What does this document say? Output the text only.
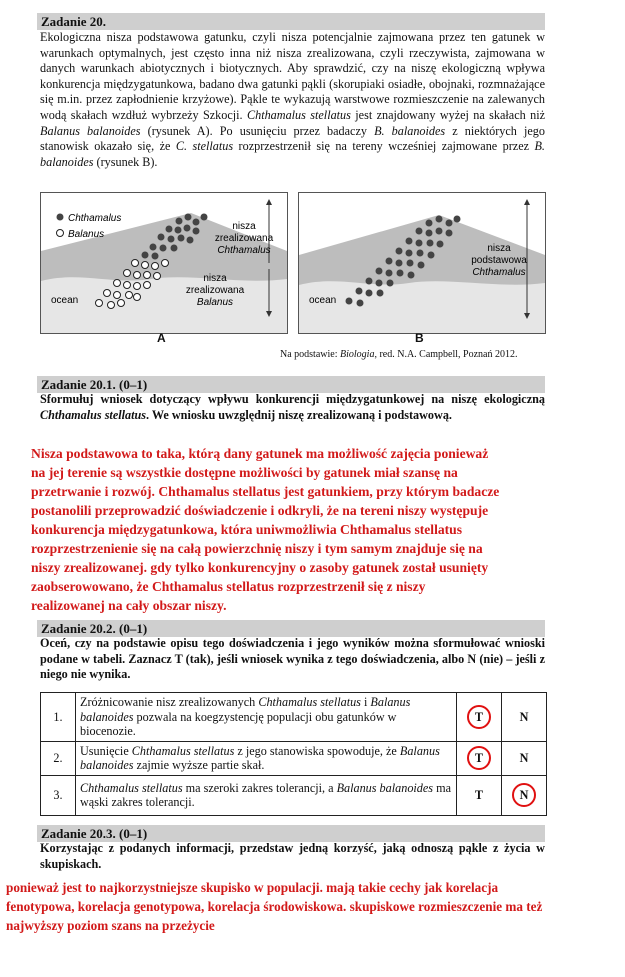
Zadanie 20.
Ekologiczna nisza podstawowa gatunku, czyli nisza potencjalnie zajmowana przez ten gatunek w warunkach optymalnych, jest często inna niż nisza zrealizowana, czyli rzeczywista, zajmowana w danych warunkach abiotycznych i biotycznych. Aby sprawdzić, czy na niszę ekologiczną wpływa konkurencja międzygatunkowa, badano dwa gatunki pąkli (skorupiaki osiadłe, obojnaki, rozmnażające się m.in. przez zapłodnienie krzyżowe). Pąkle te wykazują warstwowe rozmieszczenie na zalewanych wodą skałach wzdłuż wybrzeży Szkocji. Chthamalus stellatus jest znajdowany wyżej na skałach niż Balanus balanoides (rysunek A). Po usunięciu przez badaczy B. balanoides z niektórych jego stanowisk okazało się, że C. stellatus rozprzestrzenił się na tereny wcześniej zajmowane przez B. balanoides (rysunek B).
Chthamalus
Balanus
nisza
zrealizowana
Chthamalus
nisza
zrealizowana
Balanus
ocean
nisza
podstawowa
Chthamalus
ocean
A	B
Na podstawie: Biologia, red. N.A. Campbell, Poznań 2012.
Zadanie 20.1. (0–1)
Sformułuj wniosek dotyczący wpływu konkurencji międzygatunkowej na niszę ekologiczną Chthamalus stellatus. We wniosku uwzględnij niszę zrealizowaną i podstawową.
Nisza podstawowa to taka, którą dany gatunek ma możliwość zajęcia ponieważ
na jej terenie są wszystkie dostępne możliwości by gatunek miał szansę na
przetrwanie i rozwój. Chthamalus stellatus jest gatunkiem, przy którym badacze
postanolili przeprowadzić doświadczenie i odkryli, że na tereni niszy występuje
konkurencja międzygatunkowa, która uniwmożliwia Chthamalus stellatus
rozprzestrzenienie się na całą powierzchnię niszy i tym samym znajduje się na
niszy zrealizowanej. gdy tylko konkurencyjny o zasoby gatunek został usunięty
zaobserowowano, że Chthamalus stellatus rozprzestrzenił się z niszy
realizowanej na cały obszar niszy.
Zadanie 20.2. (0–1)
Oceń, czy na podstawie opisu tego doświadczenia i jego wyników można sformułować wnioski podane w tabeli. Zaznacz T (tak), jeśli wniosek wynika z tego doświadczenia, albo N (nie) – jeśli z niego nie wynika.
1.	Zróżnicowanie nisz zrealizowanych Chthamalus stellatus i Balanus balanoides pozwala na koegzystencję populacji obu gatunków w biocenozie.	T	N
2.	Usunięcie Chthamalus stellatus z jego stanowiska spowoduje, że Balanus balanoides zajmie wyższe partie skał.	T	N
3.	Chthamalus stellatus ma szeroki zakres tolerancji, a Balanus balanoides ma wąski zakres tolerancji.	T	N
Zadanie 20.3. (0–1)
Korzystając z podanych informacji, przedstaw jedną korzyść, jaką odnoszą pąkle z życia w skupiskach.
ponieważ jest to najkorzystniejsze skupisko w populacji. mają takie cechy jak korelacja
fenotypowa, korelacja genotypowa, korelacja środowiskowa. skupiskowe rozmieszczenie ma też
najwyższy poziom szans na przeżycie
